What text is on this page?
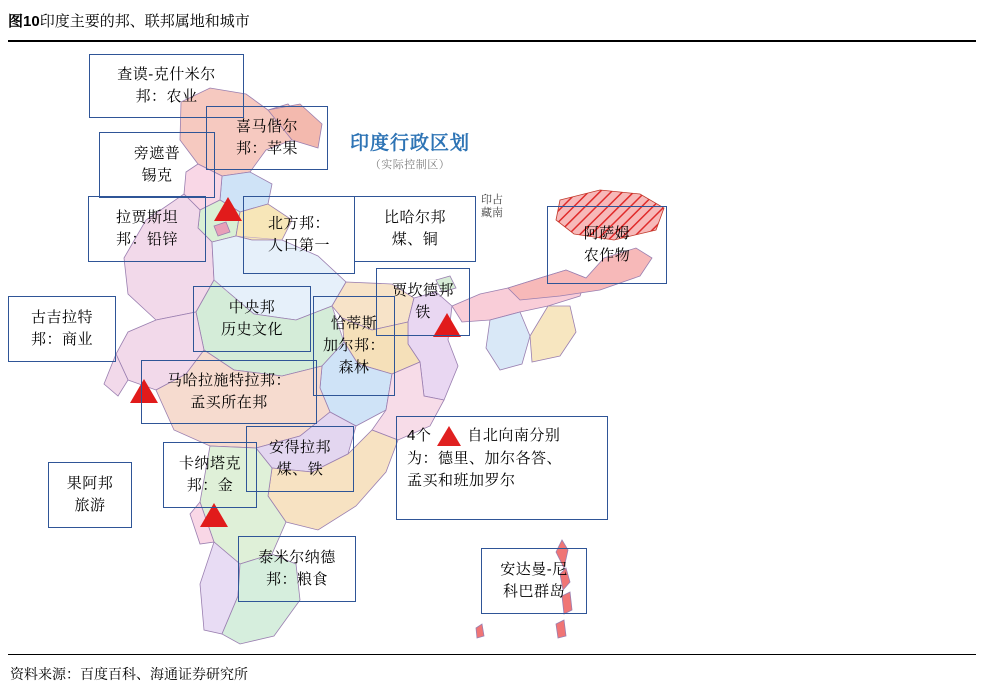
图10印度主要的邦、联邦属地和城市
印度行政区划
（实际控制区）
印占 藏南
查谟-克什米尔
邦：农业
喜马偕尔
邦：苹果
旁遮普
锡克
拉贾斯坦
邦：铅锌
北方邦：
人口第一
比哈尔邦
煤、铜	阿萨姆
农作物
贾坎德邦
铁
古吉拉特
邦：商业
中央邦
历史文化	恰蒂斯
加尔邦：
森林
马哈拉施特拉邦：
孟买所在邦
安得拉邦
煤、铁
卡纳塔克
邦：金
果阿邦
旅游
泰米尔纳德
邦：粮食
安达曼-尼
科巴群岛
4个 自北向南分别
为：德里、加尔各答、
孟买和班加罗尔
资料来源：百度百科、海通证券研究所
